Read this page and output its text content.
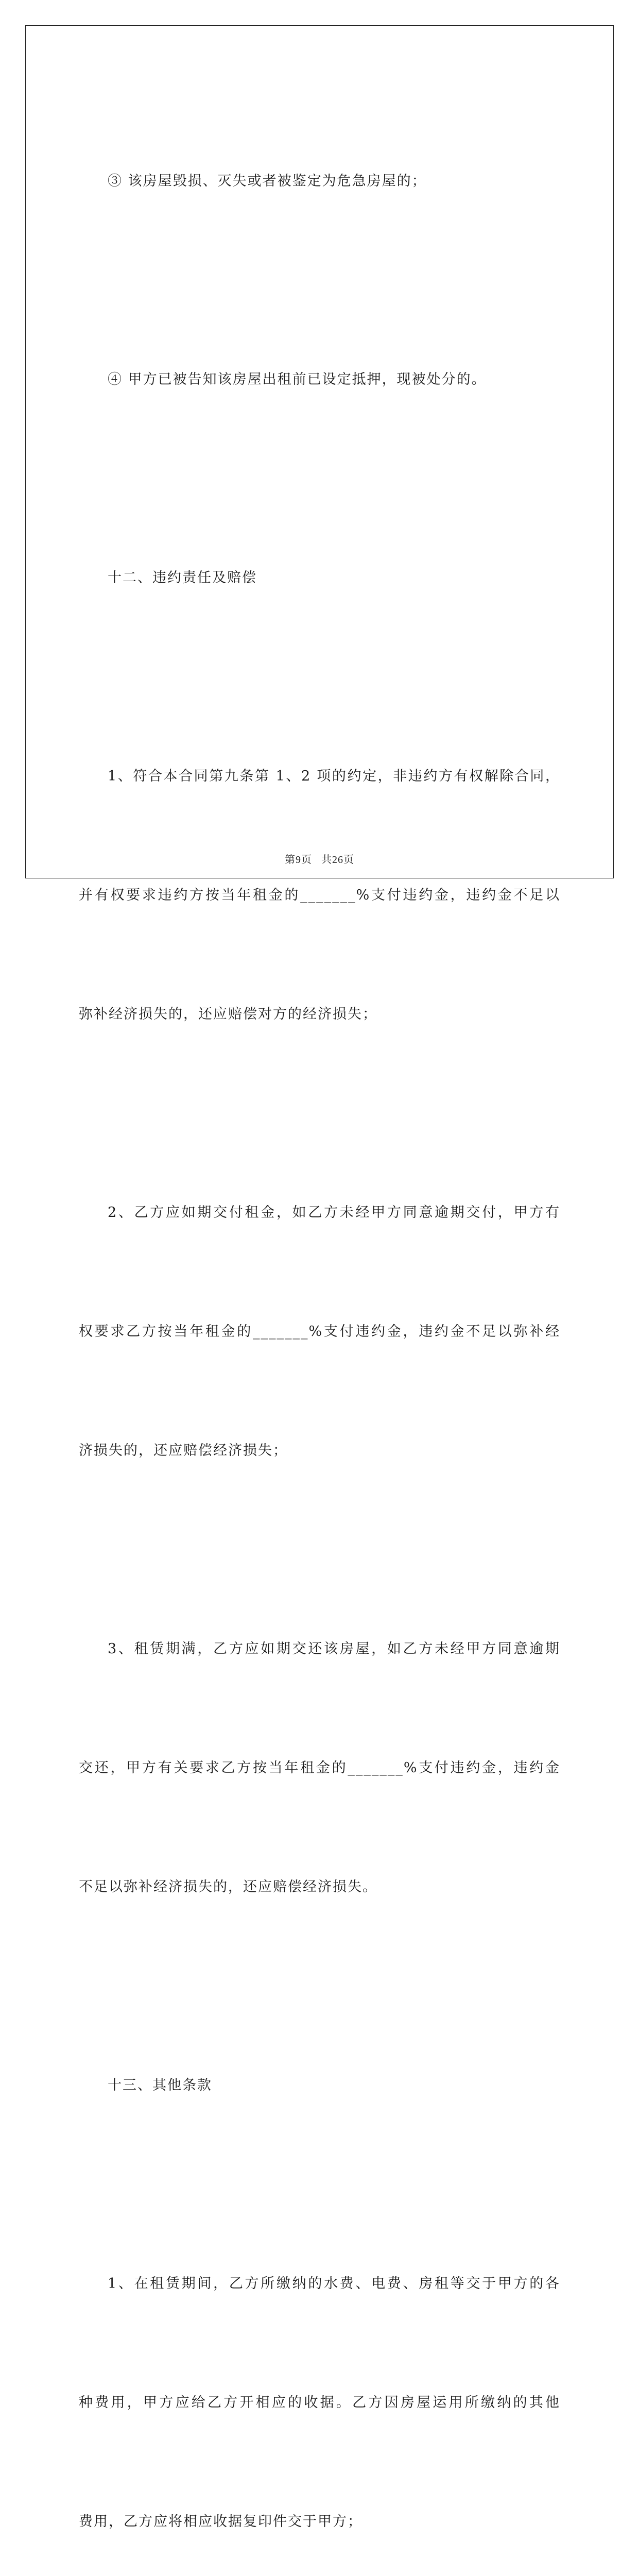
③ 该房屋毁损、灭失或者被鉴定为危急房屋的；

④ 甲方已被告知该房屋出租前已设定抵押，现被处分的。

十二、违约责任及赔偿

1、符合本合同第九条第 1、2 项的约定，非违约方有权解除合同，

并有权要求违约方按当年租金的_______%支付违约金，违约金不足以

弥补经济损失的，还应赔偿对方的经济损失；

2、乙方应如期交付租金，如乙方未经甲方同意逾期交付，甲方有

权要求乙方按当年租金的_______%支付违约金，违约金不足以弥补经

济损失的，还应赔偿经济损失；

3、租赁期满，乙方应如期交还该房屋，如乙方未经甲方同意逾期

交还，甲方有关要求乙方按当年租金的_______%支付违约金，违约金

不足以弥补经济损失的，还应赔偿经济损失。

十三、其他条款

1、在租赁期间，乙方所缴纳的水费、电费、房租等交于甲方的各

种费用，甲方应给乙方开相应的收据。乙方因房屋运用所缴纳的其他

费用，乙方应将相应收据复印件交于甲方；

第9页 共26页
